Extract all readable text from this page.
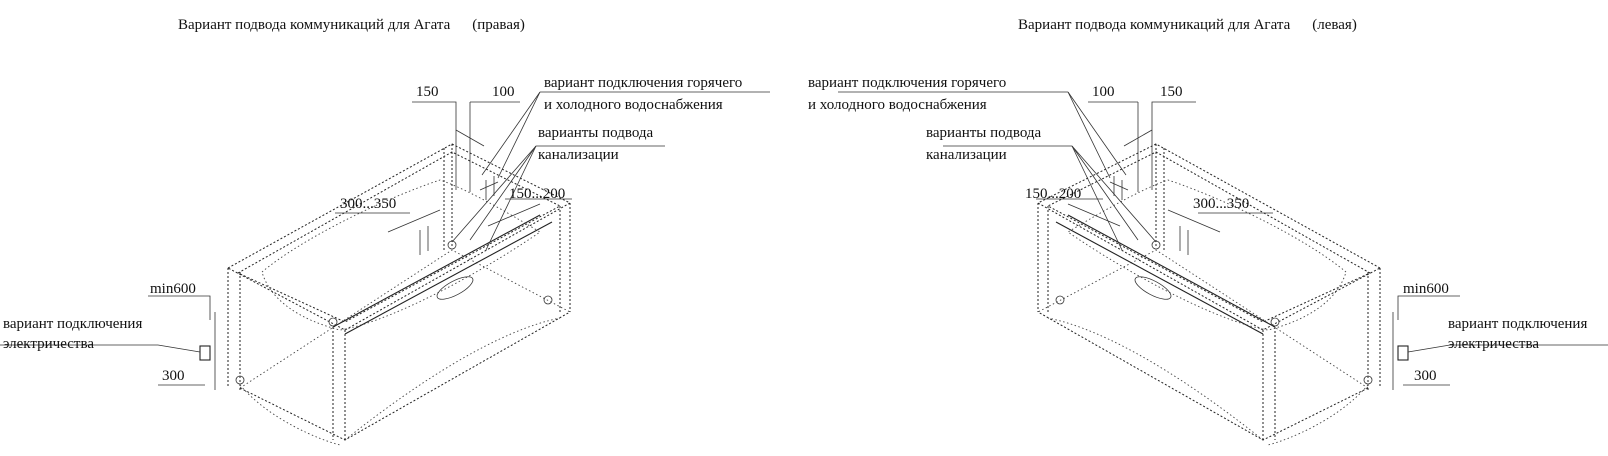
Вариант подвода коммуникаций для Агата (правая)
150	100
вариант подключения горячего
и холодного водоснабжения
варианты подвода
канализации
150...200
300...350
min600
вариант подключения
электричества
300
Вариант подвода коммуникаций для Агата (левая)
вариант подключения горячего
и холодного водоснабжения
100	150
варианты подвода
канализации
150...200
300...350
min600
вариант подключения
электричества
300
